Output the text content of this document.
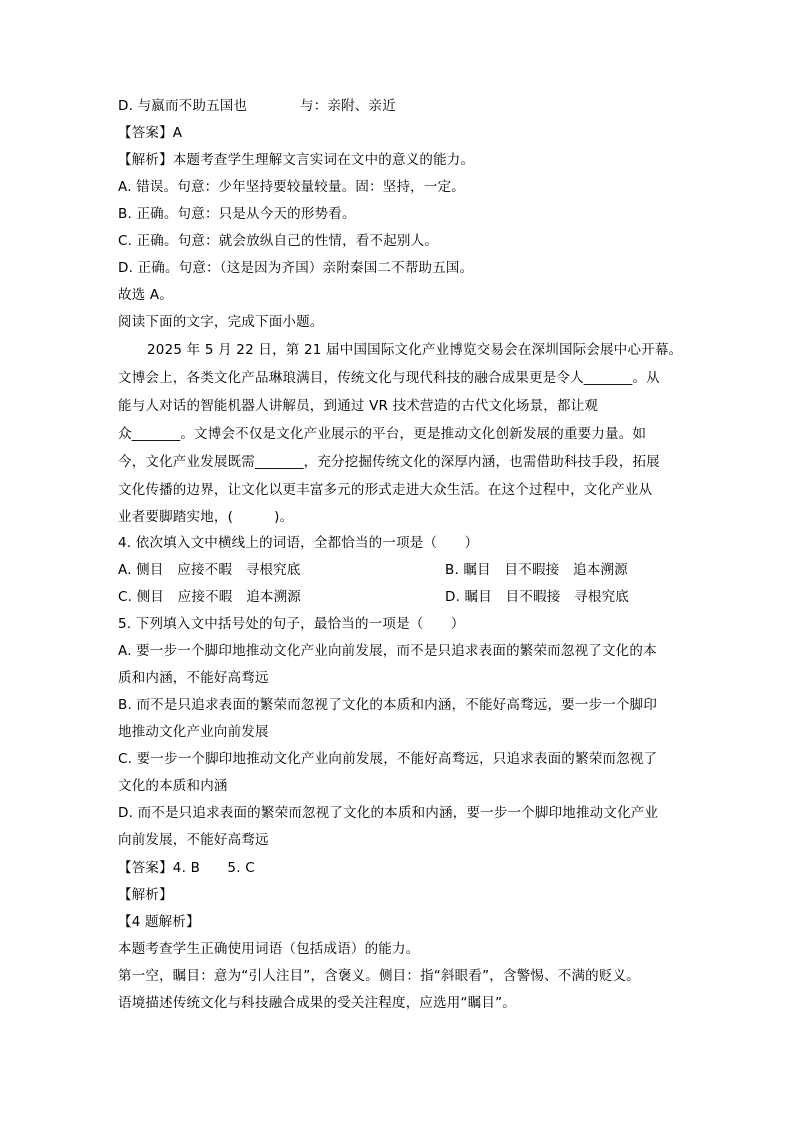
D. 与嬴而不助五国也	与：亲附、亲近
【答案】A
【解析】本题考查学生理解文言实词在文中的意义的能力。
A. 错误。句意：少年坚持要较量较量。固：坚持，一定。
B. 正确。句意：只是从今天的形势看。
C. 正确。句意：就会放纵自己的性情，看不起别人。
D. 正确。句意：（这是因为齐国）亲附秦国二不帮助五国。
故选 A。
阅读下面的文字，完成下面小题。
2025 年 5 月 22 日，第 21 届中国国际文化产业博览交易会在深圳国际会展中心开幕。
文博会上，各类文化产品琳琅满目，传统文化与现代科技的融合成果更是令人_______。从
能与人对话的智能机器人讲解员，到通过 VR 技术营造的古代文化场景，都让观
众_______。文博会不仅是文化产业展示的平台，更是推动文化创新发展的重要力量。如
今，文化产业发展既需_______，充分挖掘传统文化的深厚内涵，也需借助科技手段，拓展
文化传播的边界，让文化以更丰富多元的形式走进大众生活。在这个过程中，文化产业从
业者要脚踏实地，(　　　)。
4. 依次填入文中横线上的词语，全都恰当的一项是（　　）
A. 侧目　应接不暇　寻根究底	B. 瞩目　目不暇接　追本溯源
C. 侧目　应接不暇　追本溯源	D. 瞩目　目不暇接　寻根究底
5. 下列填入文中括号处的句子，最恰当的一项是（　　）
A. 要一步一个脚印地推动文化产业向前发展，而不是只追求表面的繁荣而忽视了文化的本
质和内涵，不能好高骛远
B. 而不是只追求表面的繁荣而忽视了文化的本质和内涵，不能好高骛远，要一步一个脚印
地推动文化产业向前发展
C. 要一步一个脚印地推动文化产业向前发展，不能好高骛远，只追求表面的繁荣而忽视了
文化的本质和内涵
D. 而不是只追求表面的繁荣而忽视了文化的本质和内涵，要一步一个脚印地推动文化产业
向前发展，不能好高骛远
【答案】4. B　　5. C
【解析】
【4 题解析】
本题考查学生正确使用词语（包括成语）的能力。
第一空，瞩目：意为“引人注目”，含褒义。侧目：指“斜眼看”，含警惕、不满的贬义。
语境描述传统文化与科技融合成果的受关注程度，应选用“瞩目”。
